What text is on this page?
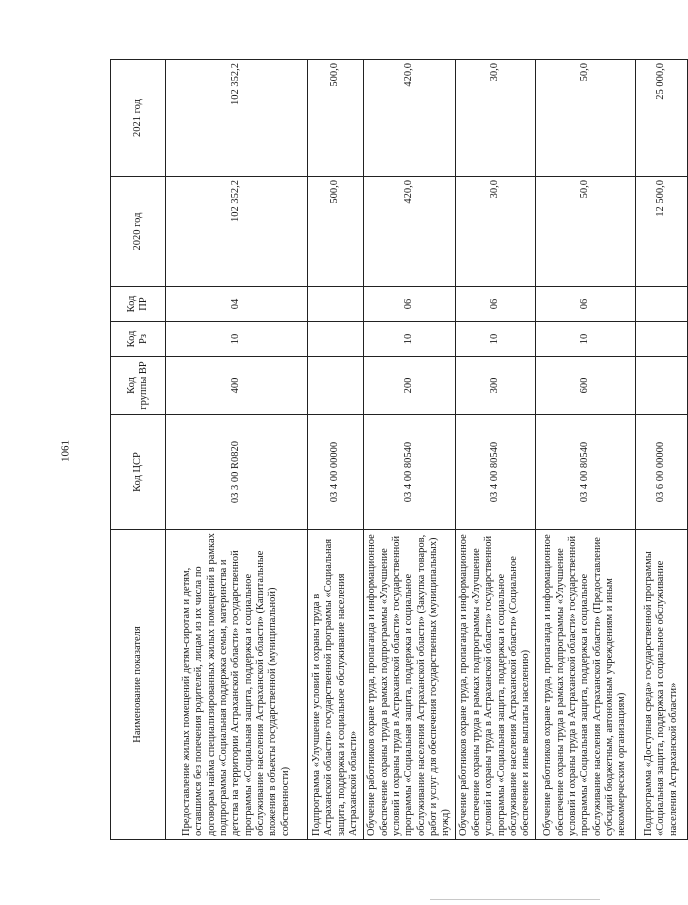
1061
Наименование показателя	Код ЦСР	Код группы ВР	Код Рз	Код ПР	2020 год	2021 год
Предоставление жилых помещений детям-сиротам и детям, оставшимся без попечения родителей, лицам из их числа по договорам найма специализированных жилых помещений в рамках подпрограммы «Социальная поддержка семьи, материнства и детства на территории Астраханской области» государственной программы «Социальная защита, поддержка и социальное обслуживание населения Астраханской области» (Капитальные вложения в объекты государственной (муниципальной) собственности)	03 3 00 R0820	400	10	04	102 352,2	102 352,2
Подпрограмма «Улучшение условий и охраны труда в Астраханской области» государственной программы «Социальная защита, поддержка и социальное обслуживание населения Астраханской области»	03 4 00 00000				500,0	500,0
Обучение работников охране труда, пропаганда и информационное обеспечение охраны труда в рамках подпрограммы «Улучшение условий и охраны труда в Астраханской области» государственной программы «Социальная защита, поддержка и социальное обслуживание населения Астраханской области» (Закупка товаров, работ и услуг для обеспечения государственных (муниципальных) нужд)	03 4 00 80540	200	10	06	420,0	420,0
Обучение работников охране труда, пропаганда и информационное обеспечение охраны труда в рамках подпрограммы «Улучшение условий и охраны труда в Астраханской области» государственной программы «Социальная защита, поддержка и социальное обслуживание населения Астраханской области» (Социальное обеспечение и иные выплаты населению)	03 4 00 80540	300	10	06	30,0	30,0
Обучение работников охране труда, пропаганда и информационное обеспечение охраны труда в рамках подпрограммы «Улучшение условий и охраны труда в Астраханской области» государственной программы «Социальная защита, поддержка и социальное обслуживание населения Астраханской области» (Предоставление субсидий бюджетным, автономным учреждениям и иным некоммерческим организациям)	03 4 00 80540	600	10	06	50,0	50,0
Подпрограмма «Доступная среда» государственной программы «Социальная защита, поддержка и социальное обслуживание населения Астраханской области»	03 6 00 00000				12 500,0	25 000,0
